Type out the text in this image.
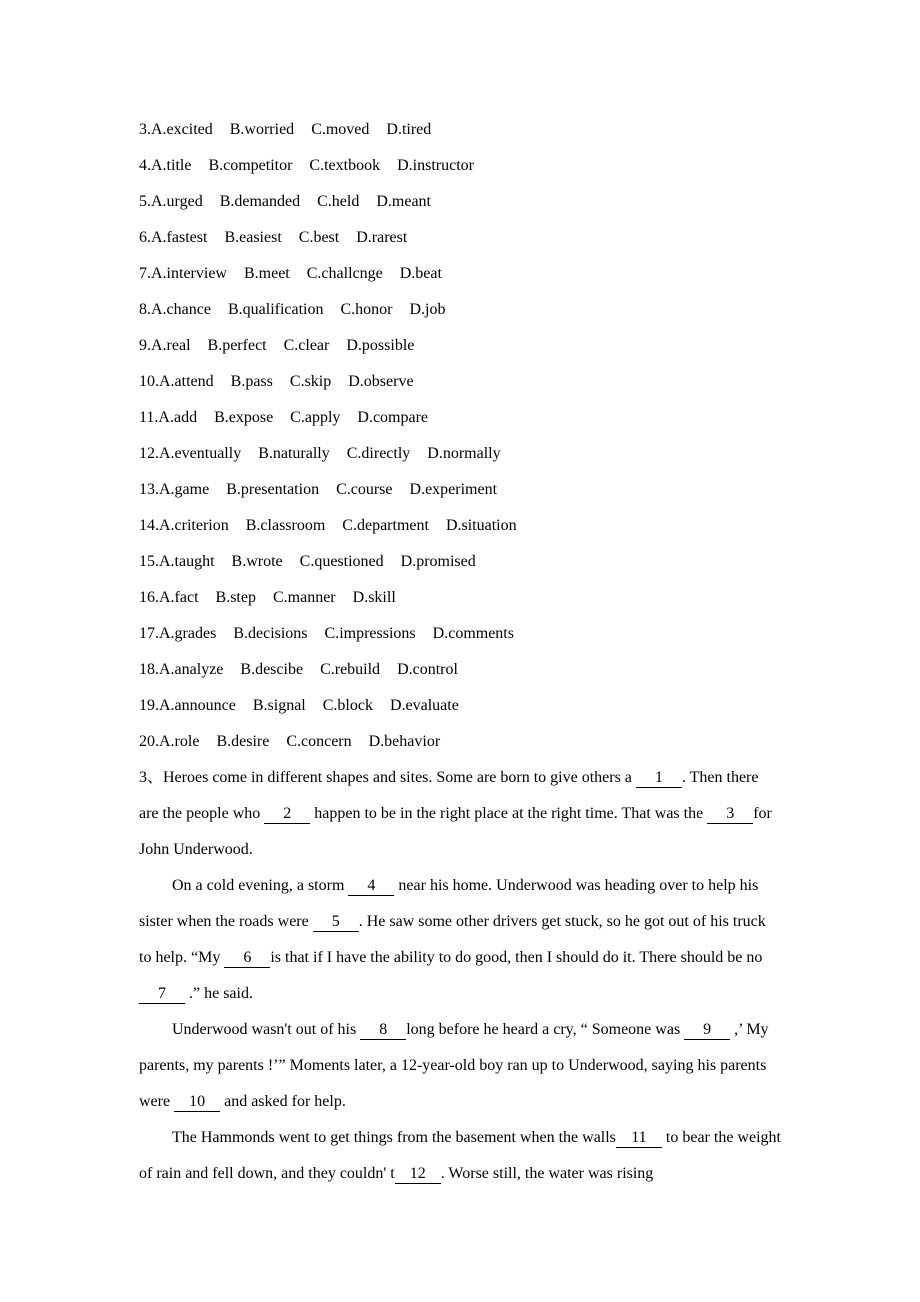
3.A.excited B.worried C.moved D.tired
4.A.title B.competitor C.textbook D.instructor
5.A.urged B.demanded C.held D.meant
6.A.fastest B.easiest C.best D.rarest
7.A.interview B.meet C.challcnge D.beat
8.A.chance B.qualification C.honor D.job
9.A.real B.perfect C.clear D.possible
10.A.attend B.pass C.skip D.observe
11.A.add B.expose C.apply D.compare
12.A.eventually B.naturally C.directly D.normally
13.A.game B.presentation C.course D.experiment
14.A.criterion B.classroom C.department D.situation
15.A.taught B.wrote C.questioned D.promised
16.A.fact B.step C.manner D.skill
17.A.grades B.decisions C.impressions D.comments
18.A.analyze B.descibe C.rebuild D.control
19.A.announce B.signal C.block D.evaluate
20.A.role B.desire C.concern D.behavior

3、Heroes come in different shapes and sites. Some are born to give others a 1 . Then there are the people who 2 happen to be in the right place at the right time. That was the 3 for John Underwood.

On a cold evening, a storm 4 near his home. Underwood was heading over to help his sister when the roads were 5 . He saw some other drivers get stuck, so he got out of his truck to help. “My 6 is that if I have the ability to do good, then I should do it. There should be no 7 .” he said.

Underwood wasn't out of his 8 long before he heard a cry, “ Someone was 9 ,’ My parents, my parents !’” Moments later, a 12-year-old boy ran up to Underwood, saying his parents were 10 and asked for help.

The Hammonds went to get things from the basement when the walls 11 to bear the weight of rain and fell down, and they couldn' t 12 . Worse still, the water was rising
